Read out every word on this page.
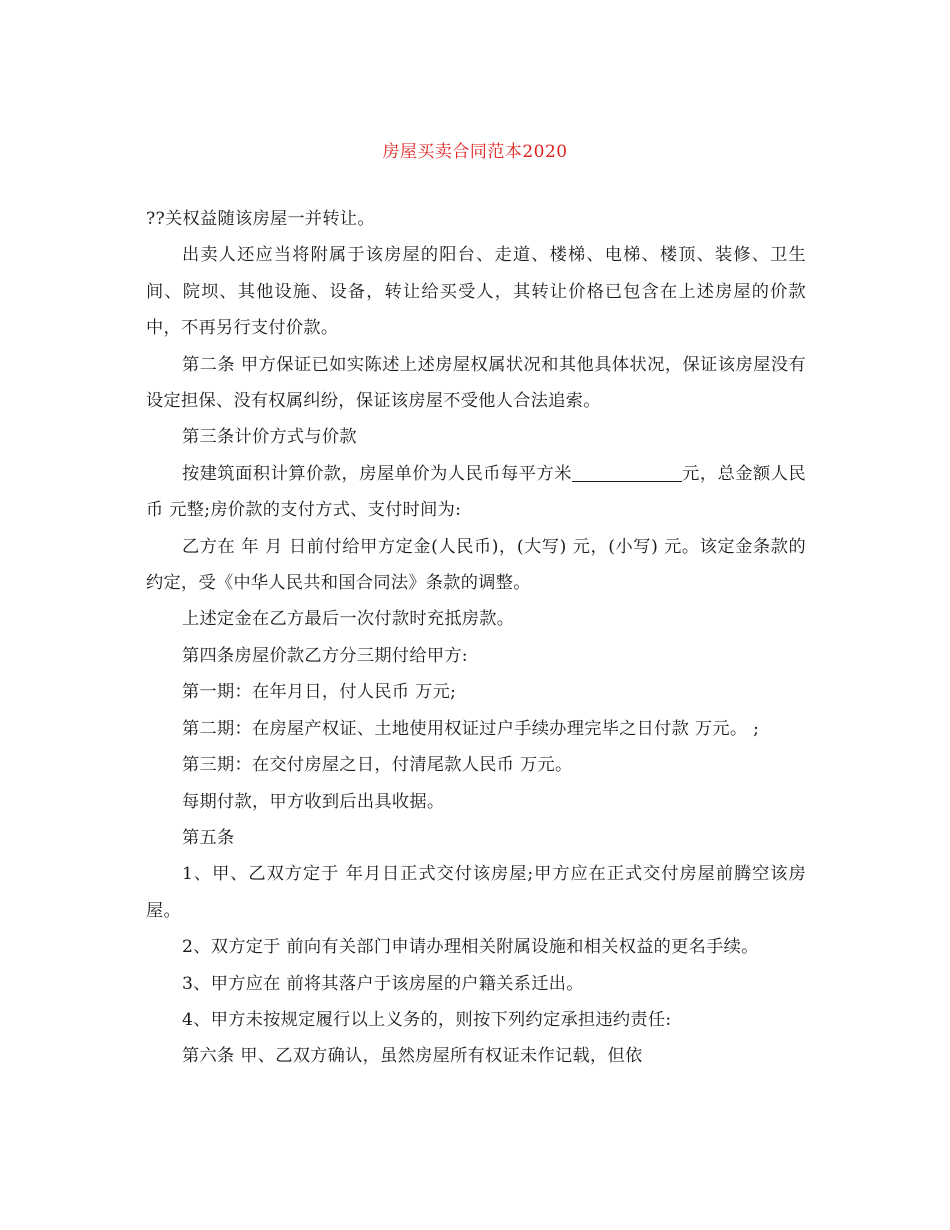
房屋买卖合同范本2020

??关权益随该房屋一并转让。

出卖人还应当将附属于该房屋的阳台、走道、楼梯、电梯、楼顶、装修、卫生间、院坝、其他设施、设备，转让给买受人，其转让价格已包含在上述房屋的价款中，不再另行支付价款。

第二条 甲方保证已如实陈述上述房屋权属状况和其他具体状况，保证该房屋没有设定担保、没有权属纠纷，保证该房屋不受他人合法追索。

第三条计价方式与价款

按建筑面积计算价款，房屋单价为人民币每平方米	元，总金额人民币 元整;房价款的支付方式、支付时间为:

乙方在 年 月 日前付给甲方定金(人民币)，(大写) 元，(小写) 元。该定金条款的约定，受《中华人民共和国合同法》条款的调整。

上述定金在乙方最后一次付款时充抵房款。

第四条房屋价款乙方分三期付给甲方:

第一期：在年月日，付人民币 万元;

第二期：在房屋产权证、土地使用权证过户手续办理完毕之日付款 万元。 ;

第三期：在交付房屋之日，付清尾款人民币 万元。

每期付款，甲方收到后出具收据。

第五条

1、甲、乙双方定于 年月日正式交付该房屋;甲方应在正式交付房屋前腾空该房屋。

2、双方定于 前向有关部门申请办理相关附属设施和相关权益的更名手续。

3、甲方应在 前将其落户于该房屋的户籍关系迁出。

4、甲方未按规定履行以上义务的，则按下列约定承担违约责任:

第六条 甲、乙双方确认，虽然房屋所有权证未作记载，但依
